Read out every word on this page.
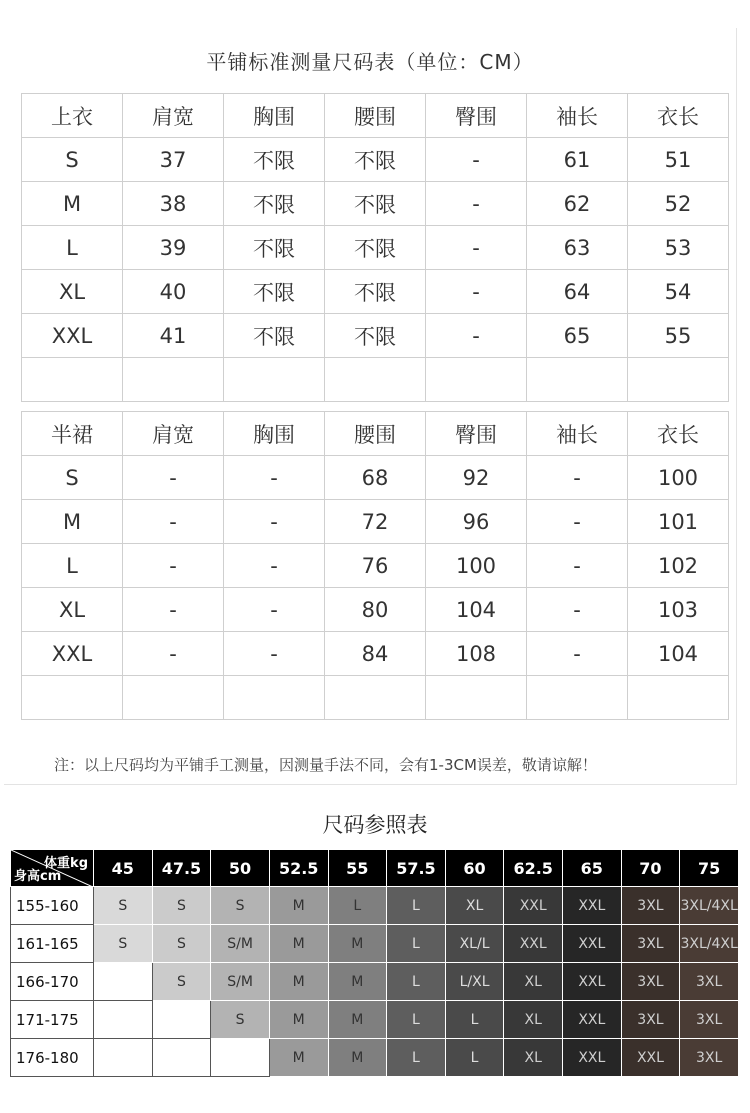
平铺标准测量尺码表（单位：CM）
上衣	肩宽	胸围	腰围	臀围	袖长	衣长
S	37	不限	不限	-	61	51
M	38	不限	不限	-	62	52
L	39	不限	不限	-	63	53
XL	40	不限	不限	-	64	54
XXL	41	不限	不限	-	65	55

半裙	肩宽	胸围	腰围	臀围	袖长	衣长
S	-	-	68	92	-	100
M	-	-	72	96	-	101
L	-	-	76	100	-	102
XL	-	-	80	104	-	103
XXL	-	-	84	108	-	104

注：以上尺码均为平铺手工测量，因测量手法不同，会有1-3CM误差，敬请谅解！
尺码参照表
体重kg
身高cm	45	47.5	50	52.5	55	57.5	60	62.5	65	70	75
155-160	S	S	S	M	L	L	XL	XXL	XXL	3XL	3XL/4XL
161-165	S	S	S/M	M	M	L	XL/L	XXL	XXL	3XL	3XL/4XL
166-170		S	S/M	M	M	L	L/XL	XL	XXL	3XL	3XL
171-175			S	M	M	L	L	XL	XXL	3XL	3XL
176-180				M	M	L	L	XL	XXL	XXL	3XL
